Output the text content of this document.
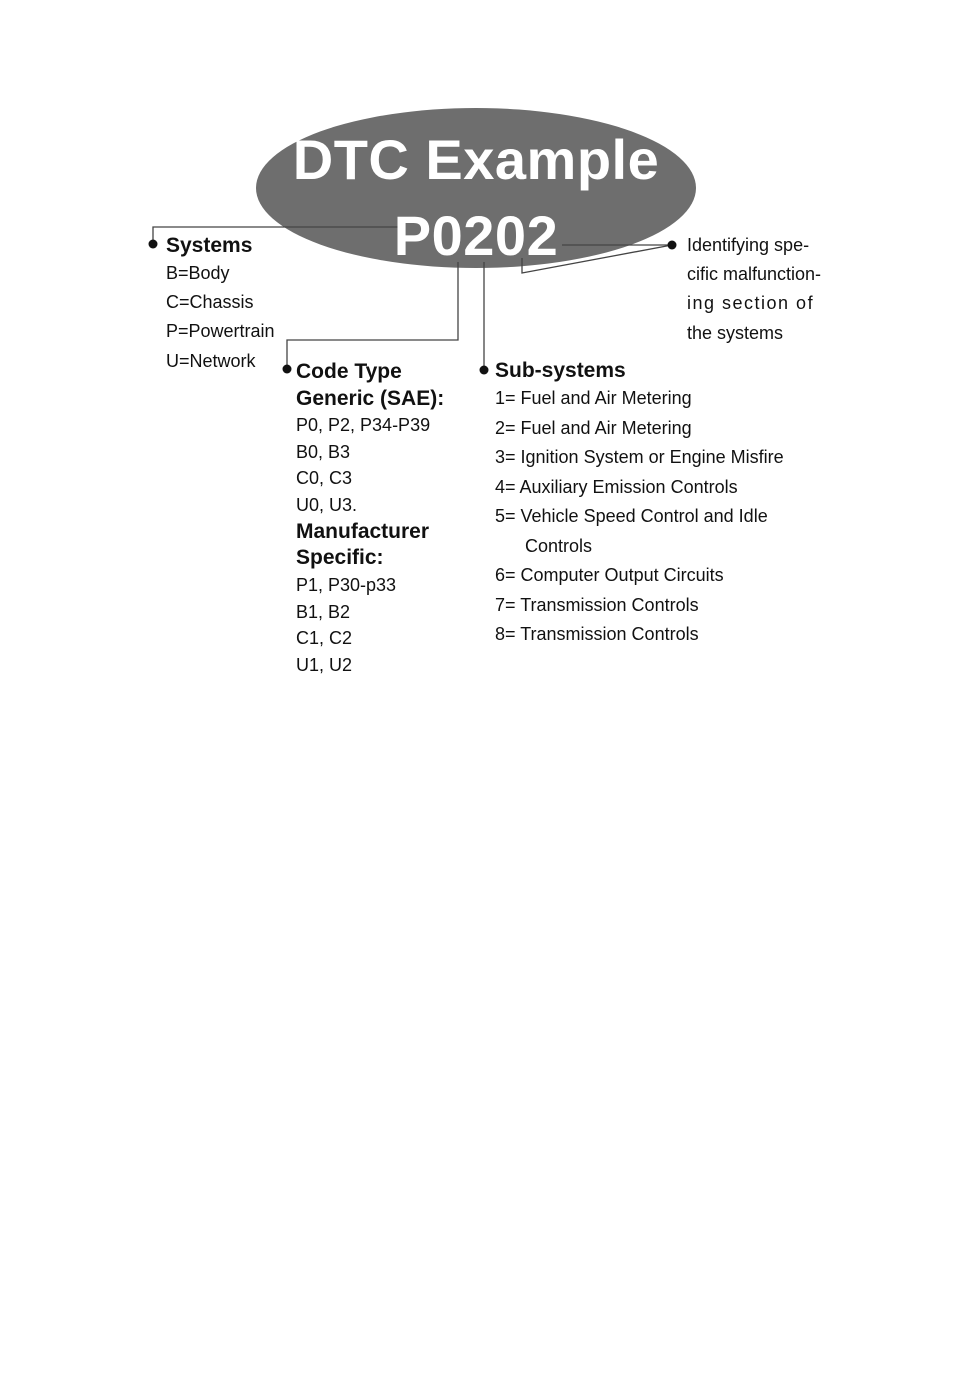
DTC Example
P0202
Systems
B=Body
C=Chassis
P=Powertrain
U=Network	Code Type
Generic (SAE):
P0, P2, P34-P39
B0, B3
C0, C3
U0, U3.
Manufacturer
Specific:
P1, P30-p33
B1, B2
C1, C2
U1, U2
Sub-systems
1= Fuel and Air Metering
2= Fuel and Air Metering
3= Ignition System or Engine Misfire
4= Auxiliary Emission Controls
5= Vehicle Speed Control and Idle
Controls
6= Computer Output Circuits
7= Transmission Controls
8= Transmission Controls
Identifying spe-
cific malfunction-
ing section of
the systems
